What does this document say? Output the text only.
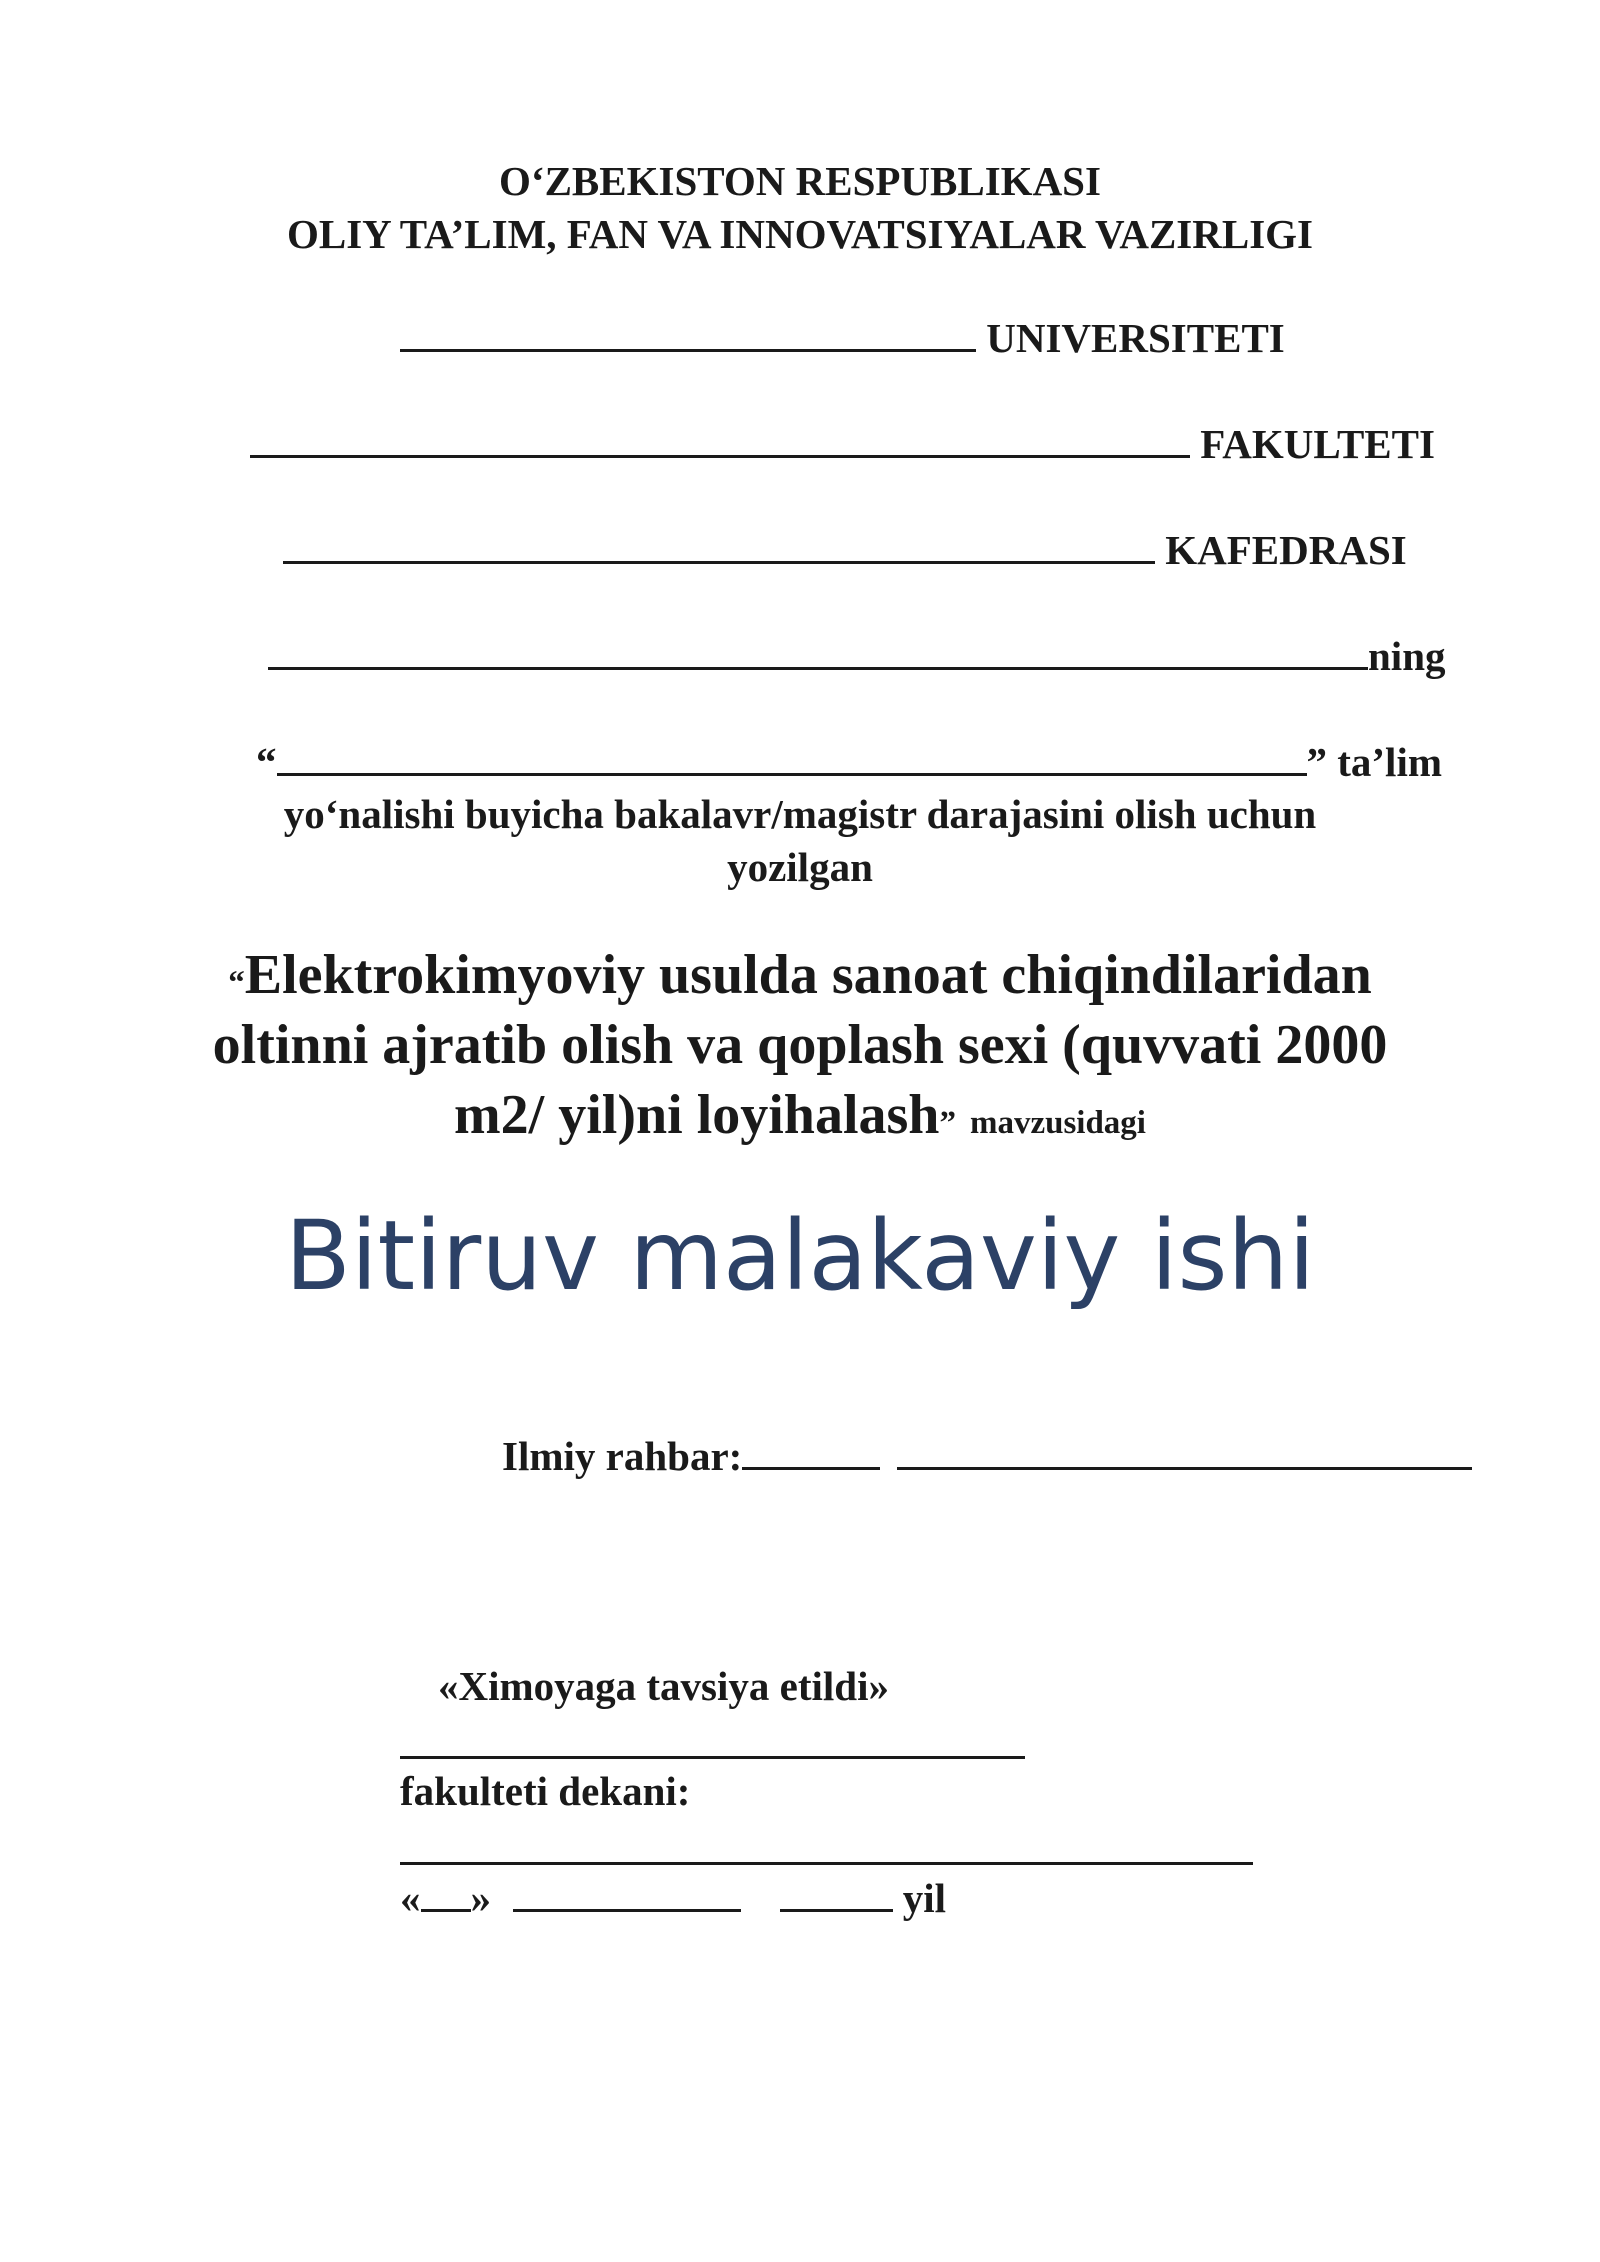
O‘ZBEKISTON RESPUBLIKASI
OLIY TA’LIM, FAN VA INNOVATSIYALAR VAZIRLIGI
UNIVERSITETI
FAKULTETI
KAFEDRASI
ning
“	” ta’lim
yo‘nalishi buyicha bakalavr/magistr darajasini olish uchun
yozilgan
“Elektrokimyoviy usulda sanoat chiqindilaridan
oltinni ajratib olish va qoplash sexi (quvvati 2000
m2/ yil)ni loyihalash” mavzusidagi
Bitiruv malakaviy ishi
Ilmiy rahbar:
«Ximoyaga tavsiya etildi»
fakulteti dekani:
« »	yil
